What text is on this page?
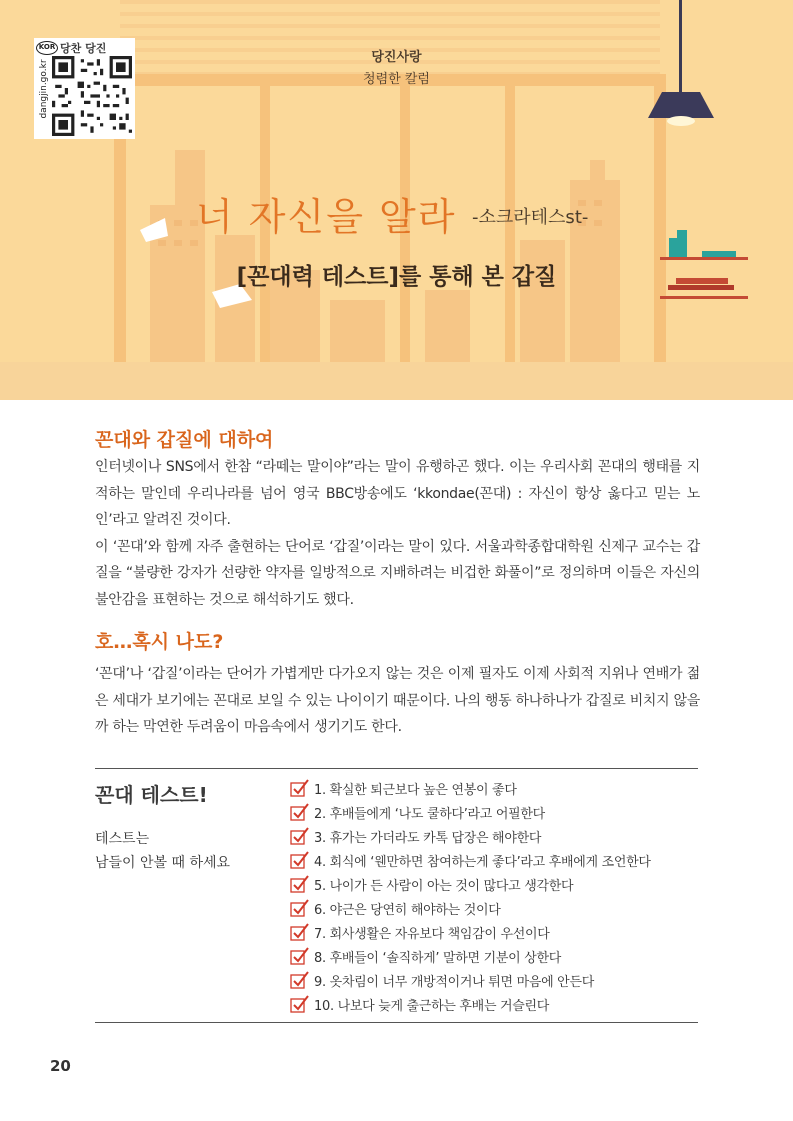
dangjin.go.kr
KOR 당찬 당진
당진사랑
청렴한 칼럼
너 자신을 알라 -소크라테스st-
[꼰대력 테스트]를 통해 본 갑질
꼰대와 갑질에 대하여

인터넷이나 SNS에서 한참 “라떼는 말이야”라는 말이 유행하곤 했다. 이는 우리사회 꼰대의 행태를 지적하는 말인데 우리나라를 넘어 영국 BBC방송에도 ‘kkondae(꼰대) : 자신이 항상 옳다고 믿는 노인’라고 알려진 것이다.

이 ‘꼰대’와 함께 자주 출현하는 단어로 ‘갑질’이라는 말이 있다. 서울과학종합대학원 신제구 교수는 갑질을 “불량한 강자가 선량한 약자를 일방적으로 지배하려는 비겁한 화풀이”로 정의하며 이들은 자신의 불안감을 표현하는 것으로 해석하기도 했다.

호…혹시 나도?

‘꼰대’나 ‘갑질’이라는 단어가 가볍게만 다가오지 않는 것은 이제 필자도 이제 사회적 지위나 연배가 젊은 세대가 보기에는 꼰대로 보일 수 있는 나이이기 때문이다. 나의 행동 하나하나가 갑질로 비치지 않을까 하는 막연한 두려움이 마음속에서 생기기도 한다.

꼰대 테스트!
테스트는
남들이 안볼 때 하세요
1. 확실한 퇴근보다 높은 연봉이 좋다
2. 후배들에게 ‘나도 쿨하다’라고 어필한다
3. 휴가는 가더라도 카톡 답장은 해야한다
4. 회식에 ‘웬만하면 참여하는게 좋다’라고 후배에게 조언한다
5. 나이가 든 사람이 아는 것이 많다고 생각한다
6. 야근은 당연히 해야하는 것이다
7. 회사생활은 자유보다 책임감이 우선이다
8. 후배들이 ‘솔직하게’ 말하면 기분이 상한다
9. 옷차림이 너무 개방적이거나 튀면 마음에 안든다
10. 나보다 늦게 출근하는 후배는 거슬린다
20
